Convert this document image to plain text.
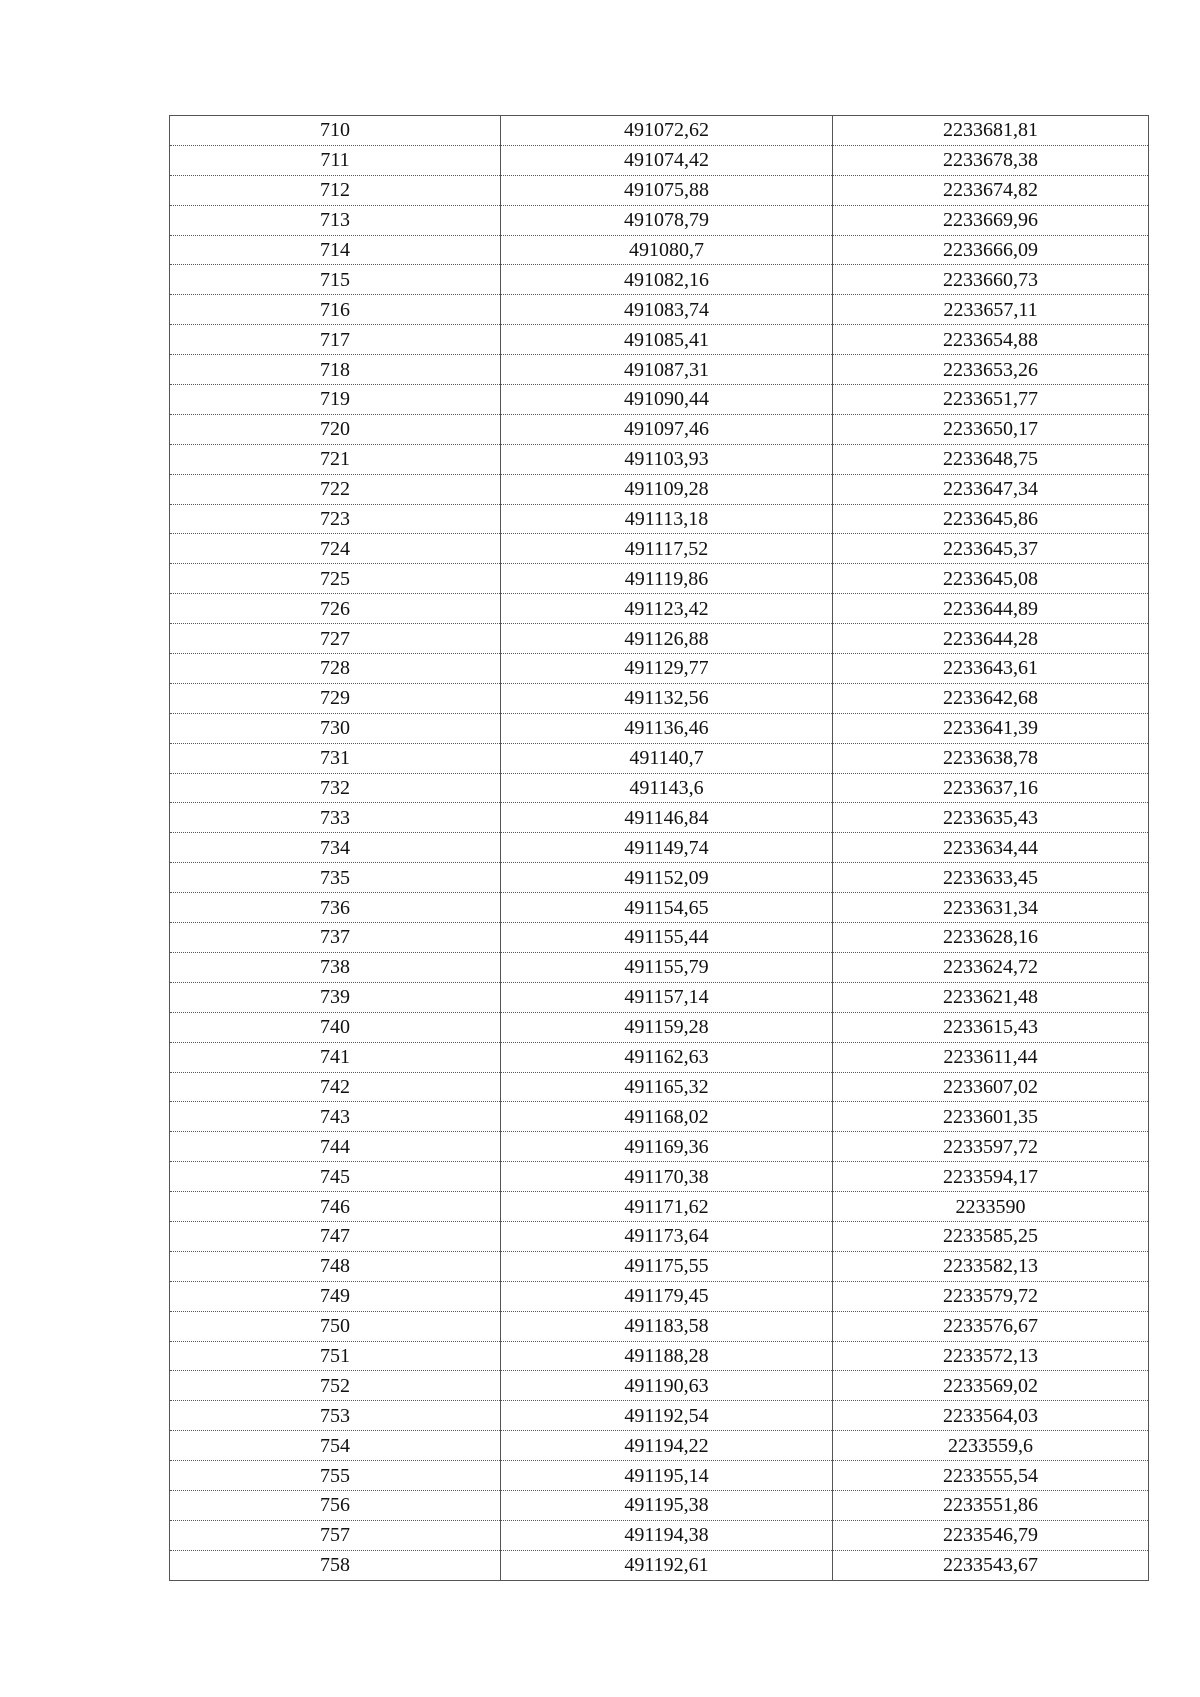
710	491072,62	2233681,81
711	491074,42	2233678,38
712	491075,88	2233674,82
713	491078,79	2233669,96
714	491080,7	2233666,09
715	491082,16	2233660,73
716	491083,74	2233657,11
717	491085,41	2233654,88
718	491087,31	2233653,26
719	491090,44	2233651,77
720	491097,46	2233650,17
721	491103,93	2233648,75
722	491109,28	2233647,34
723	491113,18	2233645,86
724	491117,52	2233645,37
725	491119,86	2233645,08
726	491123,42	2233644,89
727	491126,88	2233644,28
728	491129,77	2233643,61
729	491132,56	2233642,68
730	491136,46	2233641,39
731	491140,7	2233638,78
732	491143,6	2233637,16
733	491146,84	2233635,43
734	491149,74	2233634,44
735	491152,09	2233633,45
736	491154,65	2233631,34
737	491155,44	2233628,16
738	491155,79	2233624,72
739	491157,14	2233621,48
740	491159,28	2233615,43
741	491162,63	2233611,44
742	491165,32	2233607,02
743	491168,02	2233601,35
744	491169,36	2233597,72
745	491170,38	2233594,17
746	491171,62	2233590
747	491173,64	2233585,25
748	491175,55	2233582,13
749	491179,45	2233579,72
750	491183,58	2233576,67
751	491188,28	2233572,13
752	491190,63	2233569,02
753	491192,54	2233564,03
754	491194,22	2233559,6
755	491195,14	2233555,54
756	491195,38	2233551,86
757	491194,38	2233546,79
758	491192,61	2233543,67
